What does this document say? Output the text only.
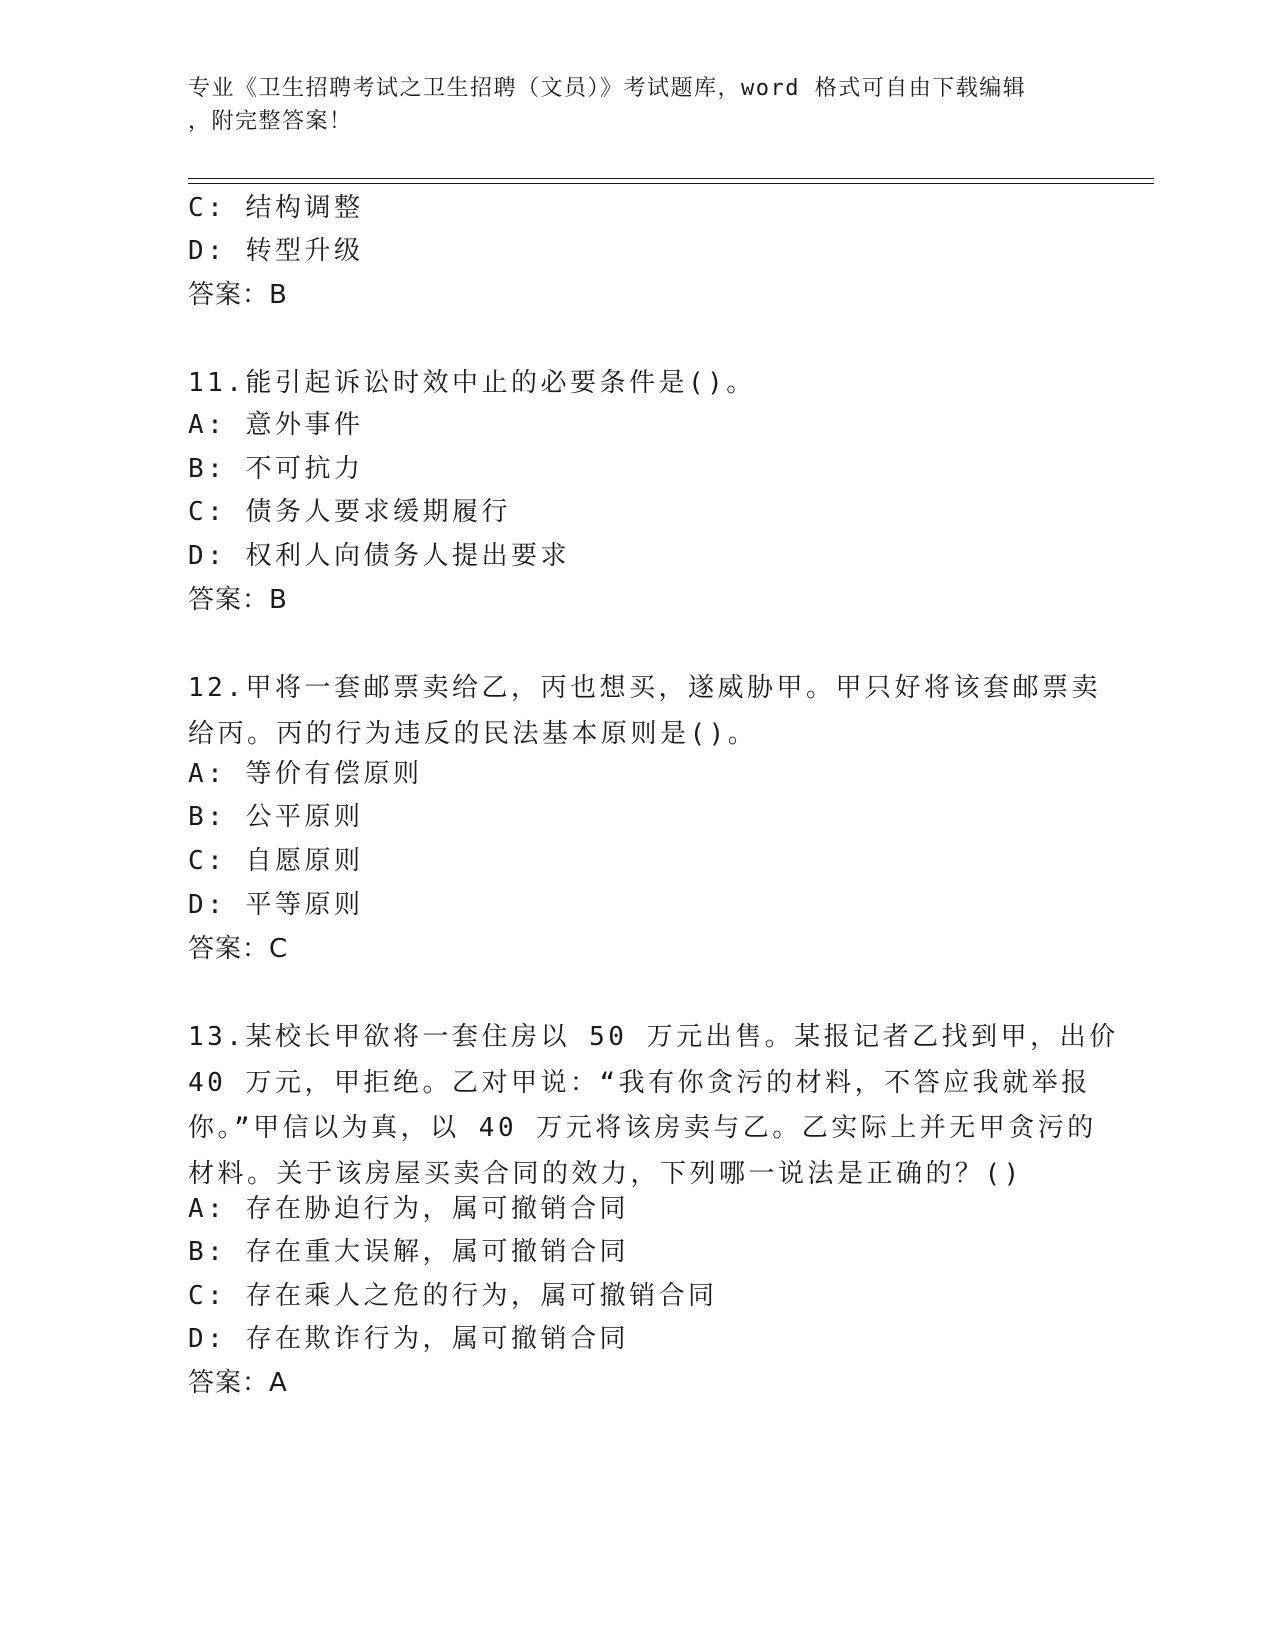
专业《卫生招聘考试之卫生招聘（文员）》考试题库，word 格式可自由下载编辑
，附完整答案！
C: 结构调整
D: 转型升级
答案：B
11.能引起诉讼时效中止的必要条件是()。
A: 意外事件
B: 不可抗力
C: 债务人要求缓期履行
D: 权利人向债务人提出要求
答案：B
12.甲将一套邮票卖给乙，丙也想买，遂威胁甲。甲只好将该套邮票卖
给丙。丙的行为违反的民法基本原则是()。
A: 等价有偿原则
B: 公平原则
C: 自愿原则
D: 平等原则
答案：C
13.某校长甲欲将一套住房以 50 万元出售。某报记者乙找到甲，出价
40 万元，甲拒绝。乙对甲说：“我有你贪污的材料，不答应我就举报
你。”甲信以为真，以 40 万元将该房卖与乙。乙实际上并无甲贪污的
材料。关于该房屋买卖合同的效力，下列哪一说法是正确的？()
A: 存在胁迫行为，属可撤销合同
B: 存在重大误解，属可撤销合同
C: 存在乘人之危的行为，属可撤销合同
D: 存在欺诈行为，属可撤销合同
答案：A
